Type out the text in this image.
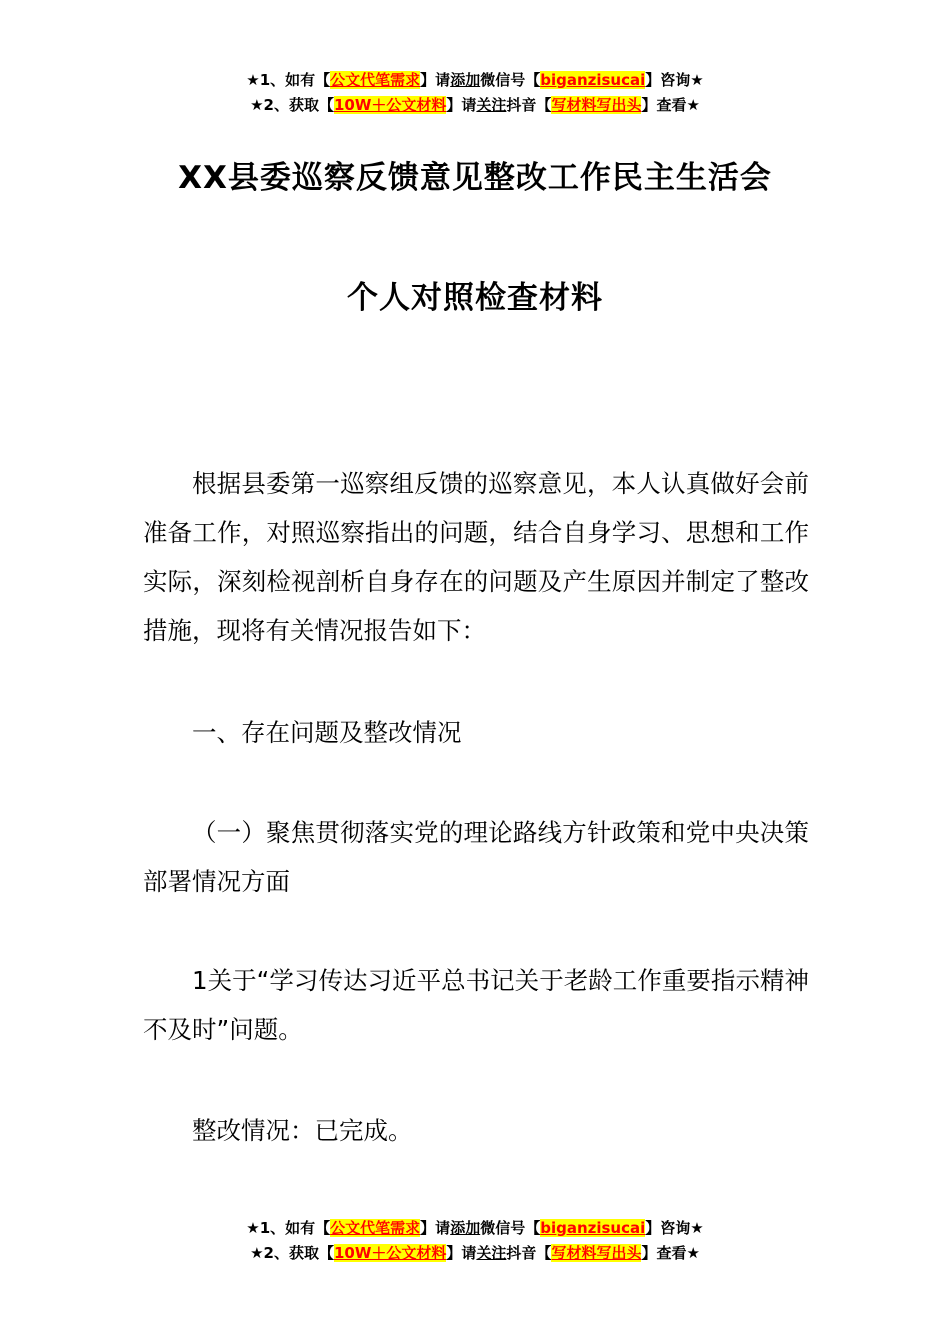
★1、如有【公文代笔需求】请添加微信号【biganzisucai】咨询★
★2、获取【10W＋公文材料】请关注抖音【写材料写出头】查看★
XX县委巡察反馈意见整改工作民主生活会
个人对照检查材料
根据县委第一巡察组反馈的巡察意见，本人认真做好会前准备工作，对照巡察指出的问题，结合自身学习、思想和工作实际，深刻检视剖析自身存在的问题及产生原因并制定了整改措施，现将有关情况报告如下：
一、存在问题及整改情况
（一）聚焦贯彻落实党的理论路线方针政策和党中央决策部署情况方面
1关于“学习传达习近平总书记关于老龄工作重要指示精神不及时”问题。
整改情况：已完成。
★1、如有【公文代笔需求】请添加微信号【biganzisucai】咨询★
★2、获取【10W＋公文材料】请关注抖音【写材料写出头】查看★
